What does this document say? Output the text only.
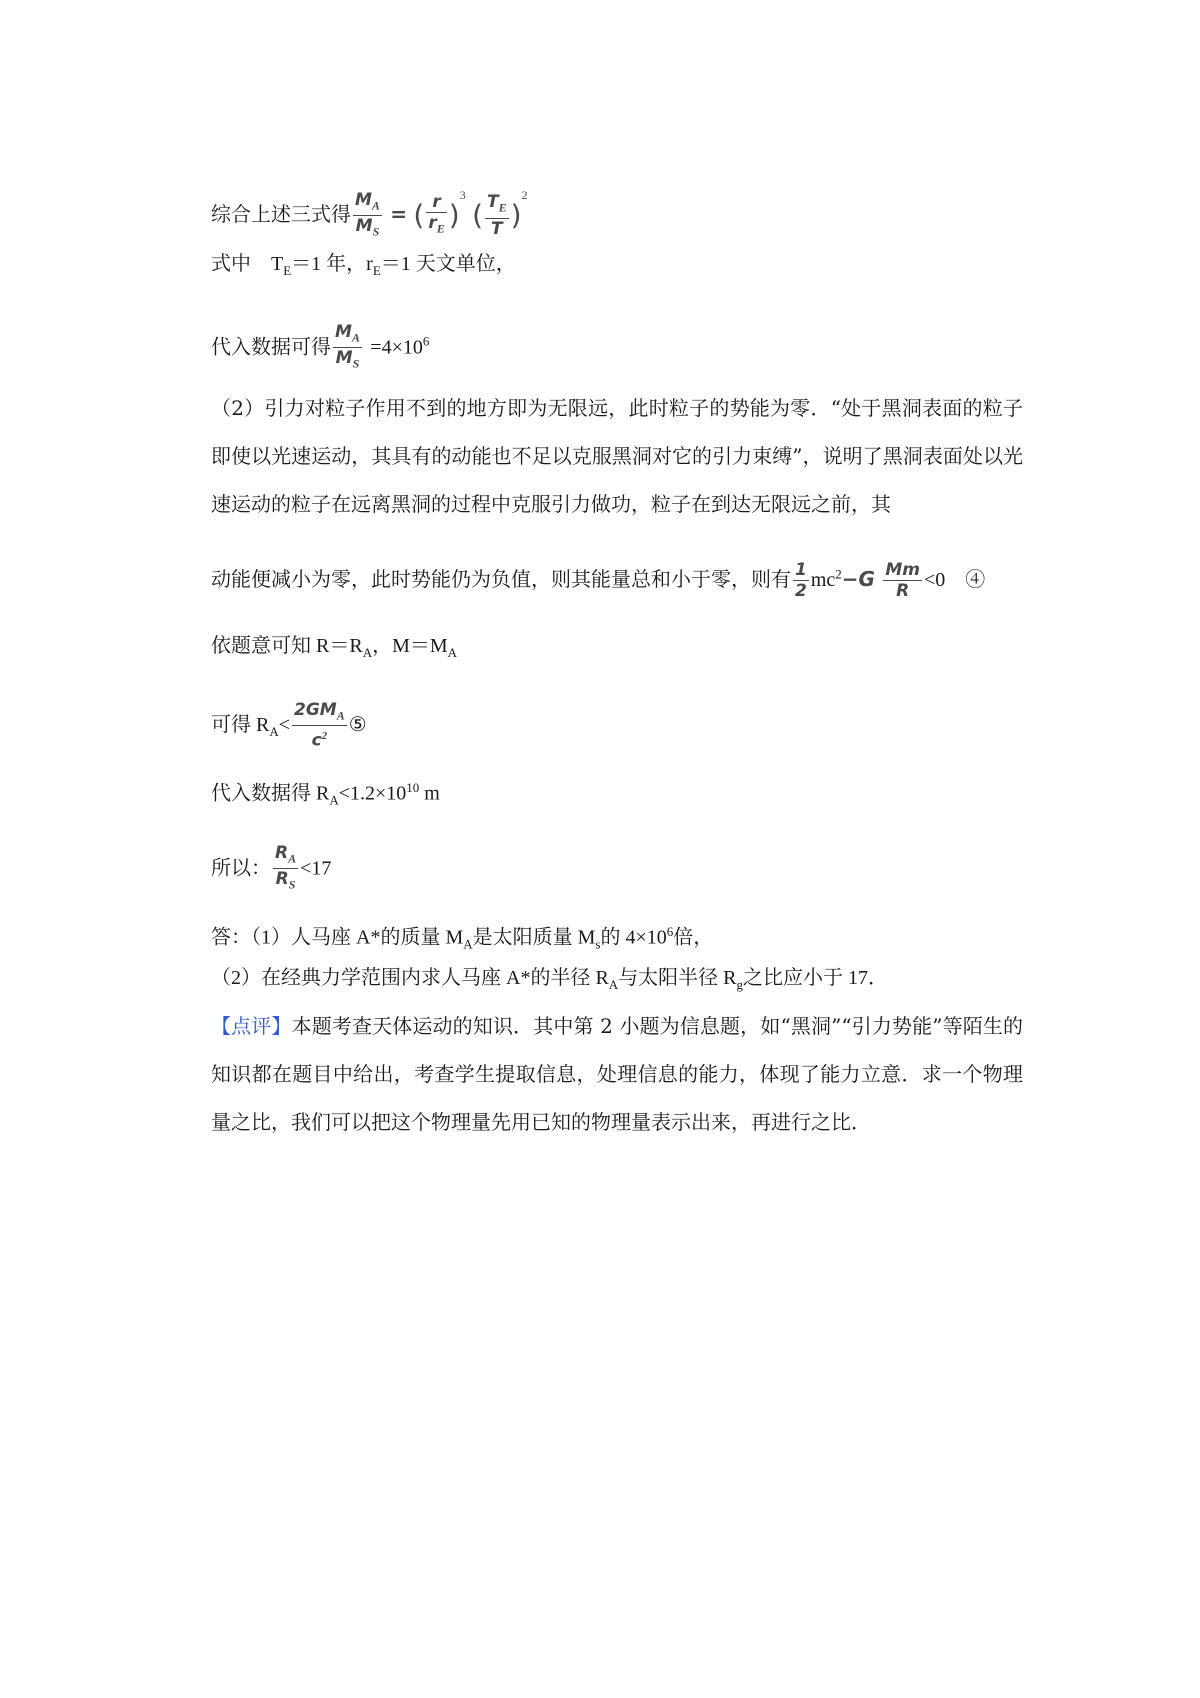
综合上述三式得 $\frac{M_A}{M_S}$ = ( $\frac{r}{r_E} )^3$ ( $\frac{T_E}{T} )^2$
式中　$T_E=1$ 年，$r_E=1$ 天文单位，
代入数据可得 $\frac{M_A}{M_S} =4\times 10^6$
（2）引力对粒子作用不到的地方即为无限远，此时粒子的势能为零．“处于黑洞表面的粒子即使以光速运动，其具有的动能也不足以克服黑洞对它的引力束缚”，说明了黑洞表面处以光速运动的粒子在远离黑洞的过程中克服引力做功，粒子在到达无限远之前，其
动能便减小为零，此时势能仍为负值，则其能量总和小于零，则有 $\frac{1}{2} mc^2-G \frac{Mm}{R} <0$　④
依题意可知 $R=R_A$，$M=M_A$
可得 $R_A< \frac{2GM_A}{c^2}$ ⑤
代入数据得 $R_A<1.2\times 10^{10}$ m
所以： $\frac{R_A}{R_S} <17$
答：（1）人马座 A*的质量 $M_A$是太阳质量 $M_s$的 $4\times 10^6$倍，
（2）在经典力学范围内求人马座 A*的半径 $R_A$与太阳半径 $R_g$之比应小于 17．
【点评】本题考查天体运动的知识．其中第 2 小题为信息题，如“黑洞”“引力势能”等陌生的知识都在题目中给出，考查学生提取信息，处理信息的能力，体现了能力立意．求一个物理量之比，我们可以把这个物理量先用已知的物理量表示出来，再进行之比．
